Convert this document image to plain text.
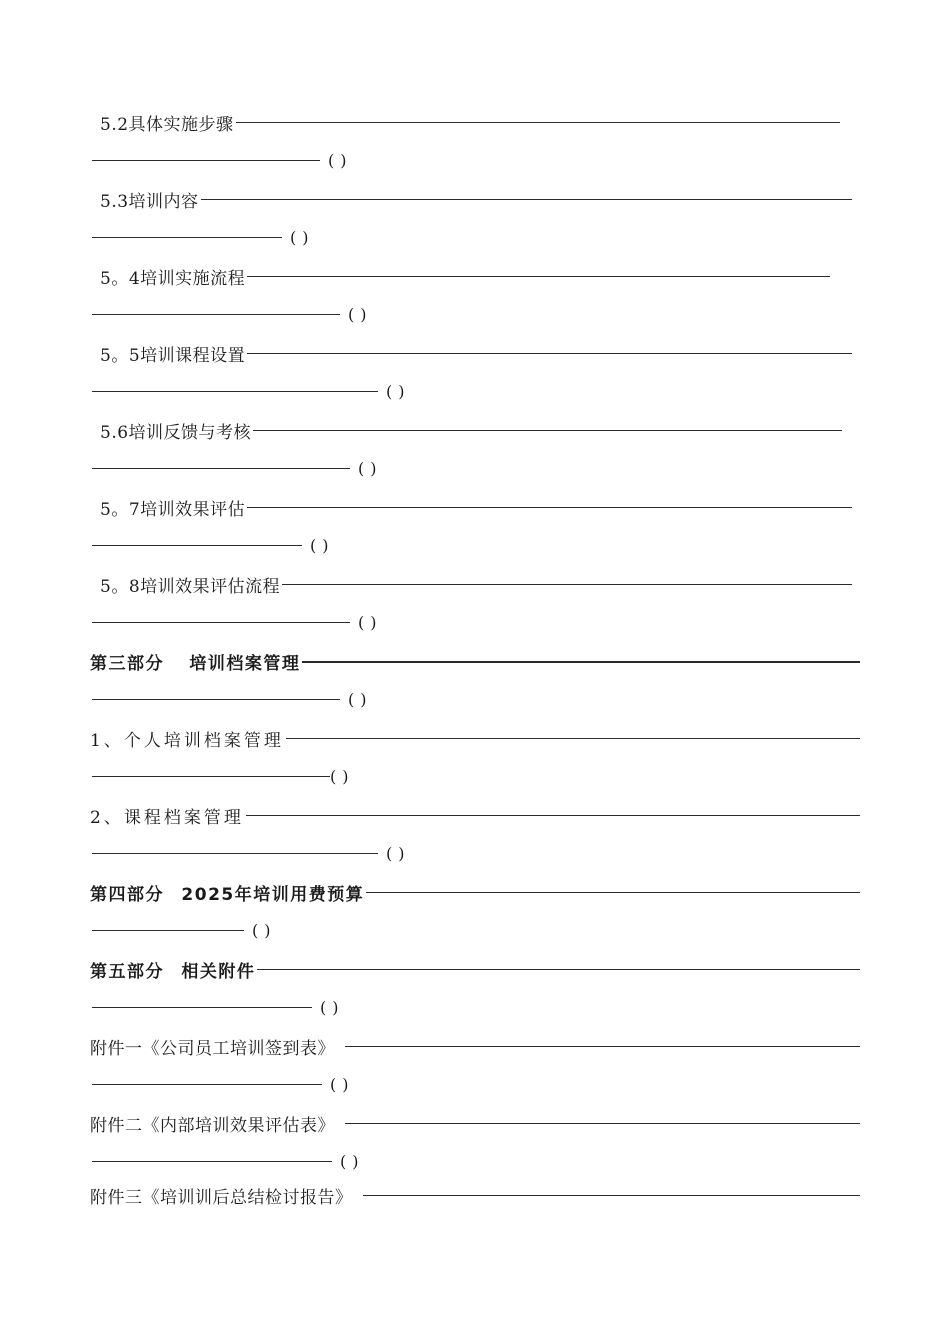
5.2具体实施步骤
()
5.3培训内容
()
5。4培训实施流程
()
5。5培训课程设置
()
5.6培训反馈与考核
()
5。7培训效果评估
()
5。8培训效果评估流程
()
第三部分 培训档案管理
()
1、个人培训档案管理
()
2、课程档案管理
()
第四部分 2025年培训用费预算
()
第五部分 相关附件
()
附件一《公司员工培训签到表》
()
附件二《内部培训效果评估表》
()
附件三《培训训后总结检讨报告》
